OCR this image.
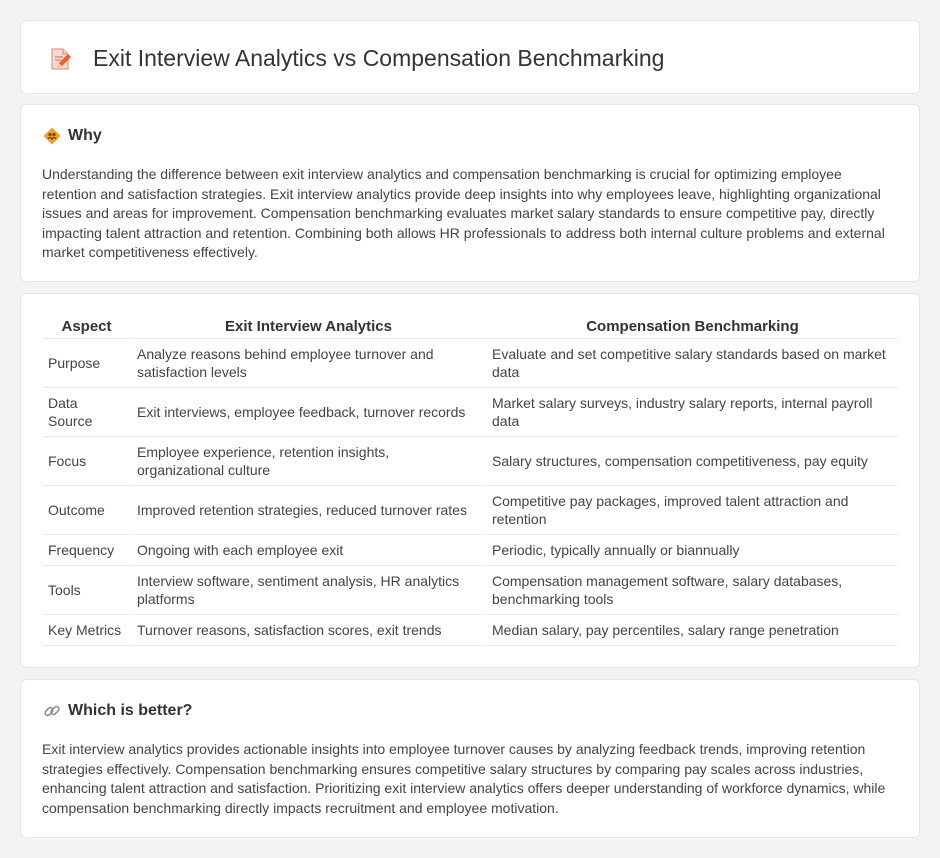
Exit Interview Analytics vs Compensation Benchmarking
Why

Understanding the difference between exit interview analytics and compensation benchmarking is crucial for optimizing employee retention and satisfaction strategies. Exit interview analytics provide deep insights into why employees leave, highlighting organizational issues and areas for improvement. Compensation benchmarking evaluates market salary standards to ensure competitive pay, directly impacting talent attraction and retention. Combining both allows HR professionals to address both internal culture problems and external market competitiveness effectively.

Aspect	Exit Interview Analytics	Compensation Benchmarking
Purpose	Analyze reasons behind employee turnover and satisfaction levels	Evaluate and set competitive salary standards based on market data
Data Source	Exit interviews, employee feedback, turnover records	Market salary surveys, industry salary reports, internal payroll data
Focus	Employee experience, retention insights, organizational culture	Salary structures, compensation competitiveness, pay equity
Outcome	Improved retention strategies, reduced turnover rates	Competitive pay packages, improved talent attraction and retention
Frequency	Ongoing with each employee exit	Periodic, typically annually or biannually
Tools	Interview software, sentiment analysis, HR analytics platforms	Compensation management software, salary databases, benchmarking tools
Key Metrics	Turnover reasons, satisfaction scores, exit trends	Median salary, pay percentiles, salary range penetration
Which is better?

Exit interview analytics provides actionable insights into employee turnover causes by analyzing feedback trends, improving retention strategies effectively. Compensation benchmarking ensures competitive salary structures by comparing pay scales across industries, enhancing talent attraction and satisfaction. Prioritizing exit interview analytics offers deeper understanding of workforce dynamics, while compensation benchmarking directly impacts recruitment and employee motivation.
